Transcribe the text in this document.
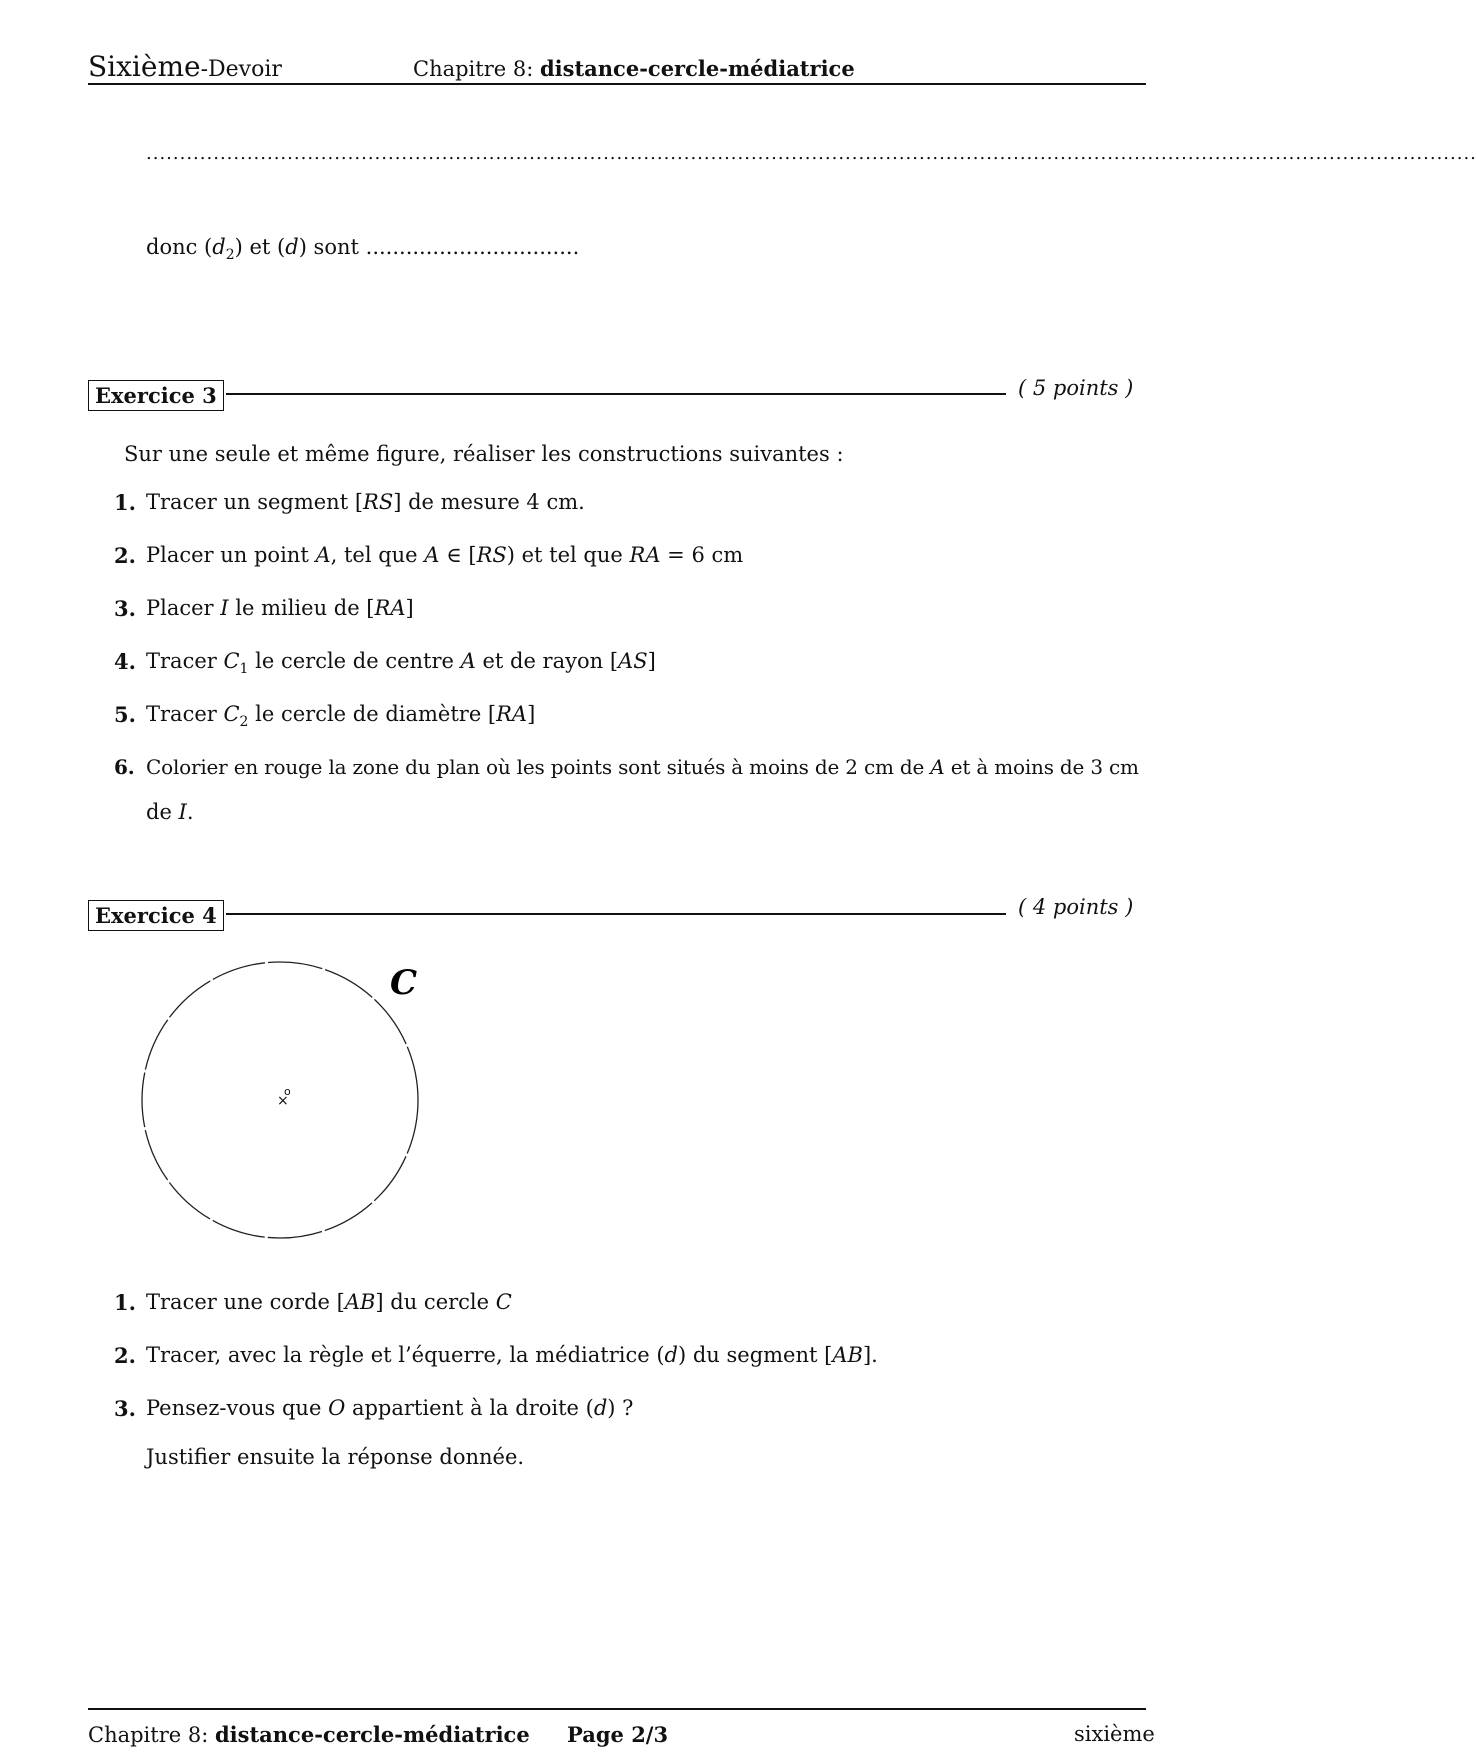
Sixième-Devoir	Chapitre 8: distance-cercle-médiatrice
......................................................................................................................................................................................................
donc $(d_2)$ et (d) sont ................................
Exercice 3	( 5 points )
Sur une seule et même figure, réaliser les constructions suivantes :
1. Tracer un segment [RS] de mesure 4 cm.
2. Placer un point A, tel que A ∈ [RS) et tel que RA = 6 cm
3. Placer I le milieu de [RA]
4. Tracer $C_1$ le cercle de centre A et de rayon [AS]
5. Tracer $C_2$ le cercle de diamètre [RA]
6. Colorier en rouge la zone du plan où les points sont situés à moins de 2 cm de A et à moins de 3 cm
de I.
Exercice 4	( 4 points )
×
o
C
1. Tracer une corde [AB] du cercle C
2. Tracer, avec la règle et l’équerre, la médiatrice (d) du segment [AB].
3. Pensez-vous que O appartient à la droite (d) ?
Justifier ensuite la réponse donnée.
Chapitre 8: distance-cercle-médiatrice Page 2/3	sixième
